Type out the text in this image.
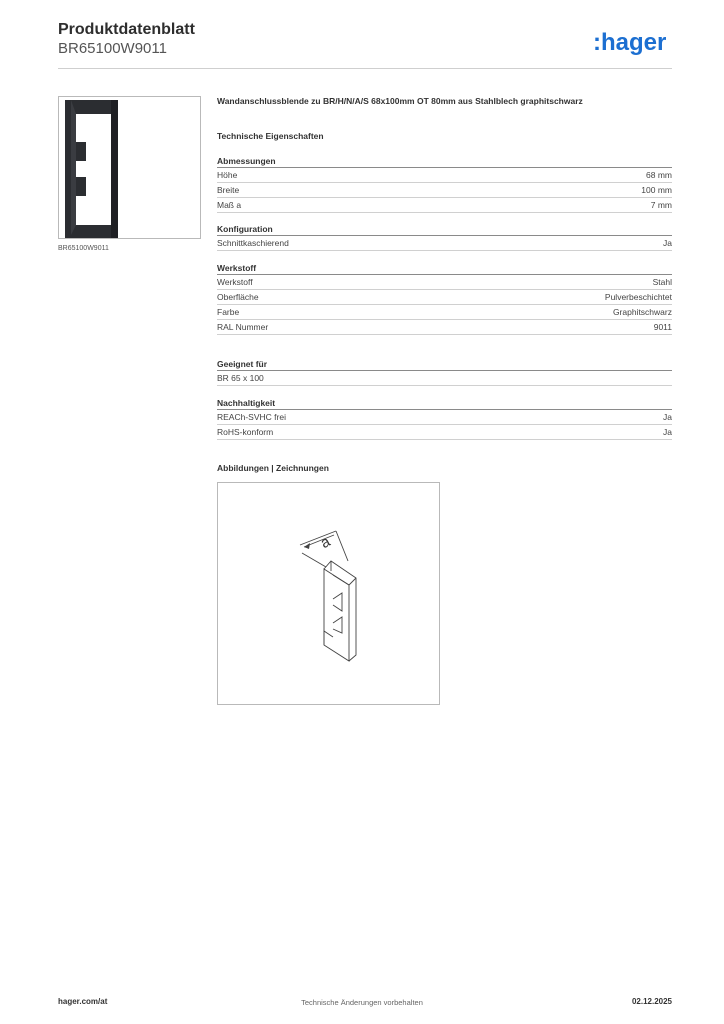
Produktdatenblatt
BR65100W9011	:hager
BR65100W9011
Wandanschlussblende zu BR/H/N/A/S 68x100mm OT 80mm aus Stahlblech graphitschwarz
Technische Eigenschaften
Abmessungen
Höhe	68 mm
Breite	100 mm
Maß a	7 mm
Konfiguration
Schnittkaschierend	Ja
Werkstoff
Werkstoff	Stahl
Oberfläche	Pulverbeschichtet
Farbe	Graphitschwarz
RAL Nummer	9011
Geeignet für
BR 65 x 100
Nachhaltigkeit
REACh-SVHC frei	Ja
RoHS-konform	Ja
Abbildungen | Zeichnungen
a
hager.com/at	Technische Änderungen vorbehalten	02.12.2025
